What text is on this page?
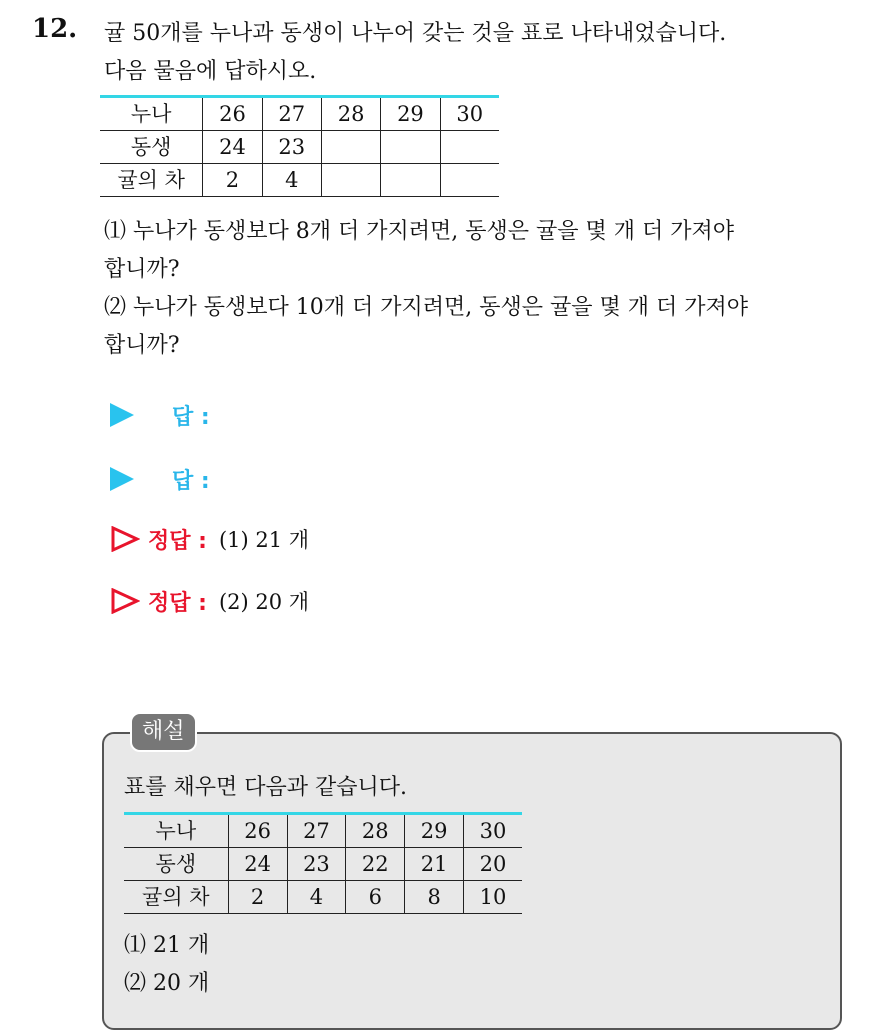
12. 귤 50개를 누나과 동생이 나누어 갖는 것을 표로 나타내었습니다.
다음 물음에 답하시오.
누나	26	27	28	29	30
동생	24	23			
귤의 차	2	4			
⑴ 누나가 동생보다 8개 더 가지려면, 동생은 귤을 몇 개 더 가져야
합니까?
⑵ 누나가 동생보다 10개 더 가지려면, 동생은 귤을 몇 개 더 가져야
합니까?
답 :
답 :
정답 : (1) 21 개
정답 : (2) 20 개
해설
표를 채우면 다음과 같습니다.
누나	26	27	28	29	30
동생	24	23	22	21	20
귤의 차	2	4	6	8	10
⑴ 21 개
⑵ 20 개
